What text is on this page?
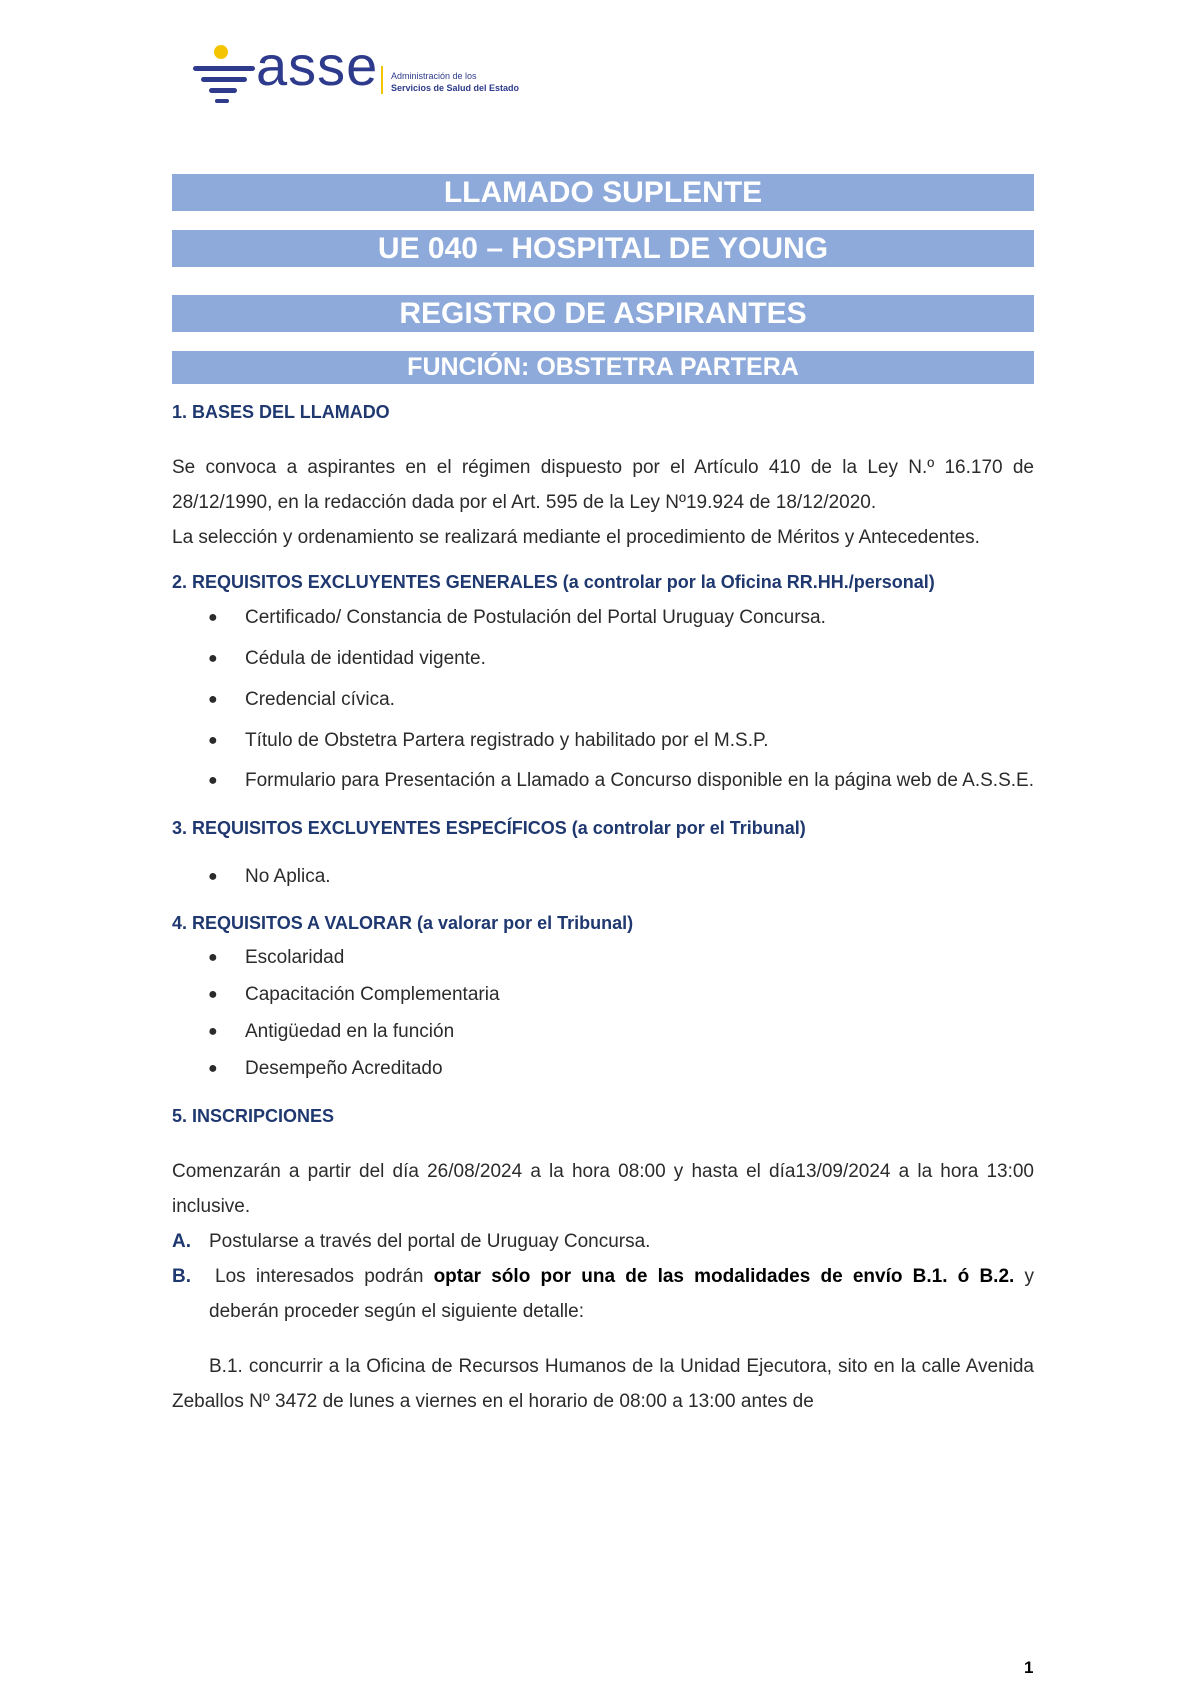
asse Administración de los
Servicios de Salud del Estado
LLAMADO SUPLENTE
UE 040 – HOSPITAL DE YOUNG
REGISTRO DE ASPIRANTES
FUNCIÓN: OBSTETRA PARTERA
1. BASES DEL LLAMADO
Se convoca a aspirantes en el régimen dispuesto por el Artículo 410 de la Ley N.º 16.170 de 28/12/1990, en la redacción dada por el Art. 595 de la Ley Nº19.924 de 18/12/2020.
La selección y ordenamiento se realizará mediante el procedimiento de Méritos y Antecedentes.
2. REQUISITOS EXCLUYENTES GENERALES (a controlar por la Oficina RR.HH./personal)
● Certificado/ Constancia de Postulación del Portal Uruguay Concursa.
● Cédula de identidad vigente.
● Credencial cívica.
● Título de Obstetra Partera registrado y habilitado por el M.S.P.
● Formulario para Presentación a Llamado a Concurso disponible en la página web de A.S.S.E.
3. REQUISITOS EXCLUYENTES ESPECÍFICOS (a controlar por el Tribunal)
● No Aplica.
4. REQUISITOS A VALORAR (a valorar por el Tribunal)
● Escolaridad
● Capacitación Complementaria
● Antigüedad en la función
● Desempeño Acreditado
5. INSCRIPCIONES
Comenzarán a partir del día 26/08/2024 a la hora 08:00 y hasta el día13/09/2024 a la hora 13:00 inclusive.
A. Postularse a través del portal de Uruguay Concursa.
B. Los interesados podrán optar sólo por una de las modalidades de envío B.1. ó B.2. y deberán proceder según el siguiente detalle:
B.1. concurrir a la Oficina de Recursos Humanos de la Unidad Ejecutora, sito en la calle Avenida Zeballos Nº 3472 de lunes a viernes en el horario de 08:00 a 13:00 antes de
1
